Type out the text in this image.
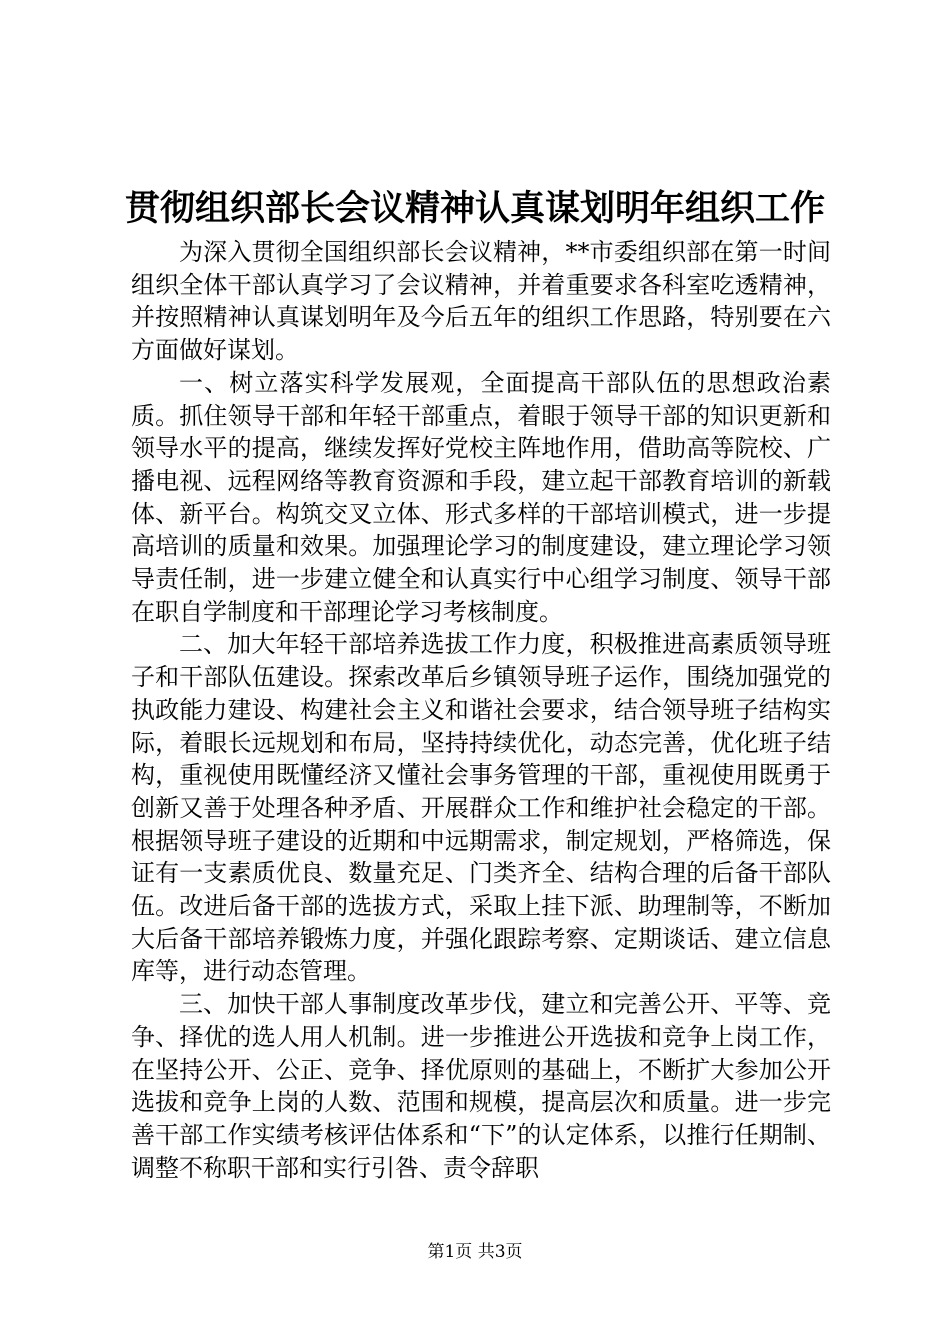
贯彻组织部长会议精神认真谋划明年组织工作

为深入贯彻全国组织部长会议精神，**市委组织部在第一时间组织全体干部认真学习了会议精神，并着重要求各科室吃透精神，并按照精神认真谋划明年及今后五年的组织工作思路，特别要在六方面做好谋划。

一、树立落实科学发展观，全面提高干部队伍的思想政治素质。抓住领导干部和年轻干部重点，着眼于领导干部的知识更新和领导水平的提高，继续发挥好党校主阵地作用，借助高等院校、广播电视、远程网络等教育资源和手段，建立起干部教育培训的新载体、新平台。构筑交叉立体、形式多样的干部培训模式，进一步提高培训的质量和效果。加强理论学习的制度建设，建立理论学习领导责任制，进一步建立健全和认真实行中心组学习制度、领导干部在职自学制度和干部理论学习考核制度。

二、加大年轻干部培养选拔工作力度，积极推进高素质领导班子和干部队伍建设。探索改革后乡镇领导班子运作，围绕加强党的执政能力建设、构建社会主义和谐社会要求，结合领导班子结构实际，着眼长远规划和布局，坚持持续优化，动态完善，优化班子结构，重视使用既懂经济又懂社会事务管理的干部，重视使用既勇于创新又善于处理各种矛盾、开展群众工作和维护社会稳定的干部。根据领导班子建设的近期和中远期需求，制定规划，严格筛选，保证有一支素质优良、数量充足、门类齐全、结构合理的后备干部队伍。改进后备干部的选拔方式，采取上挂下派、助理制等，不断加大后备干部培养锻炼力度，并强化跟踪考察、定期谈话、建立信息库等，进行动态管理。

三、加快干部人事制度改革步伐，建立和完善公开、平等、竞争、择优的选人用人机制。进一步推进公开选拔和竞争上岗工作，在坚持公开、公正、竞争、择优原则的基础上，不断扩大参加公开选拔和竞争上岗的人数、范围和规模，提高层次和质量。进一步完善干部工作实绩考核评估体系和“下”的认定体系，以推行任期制、调整不称职干部和实行引咎、责令辞职

第1页 共3页
